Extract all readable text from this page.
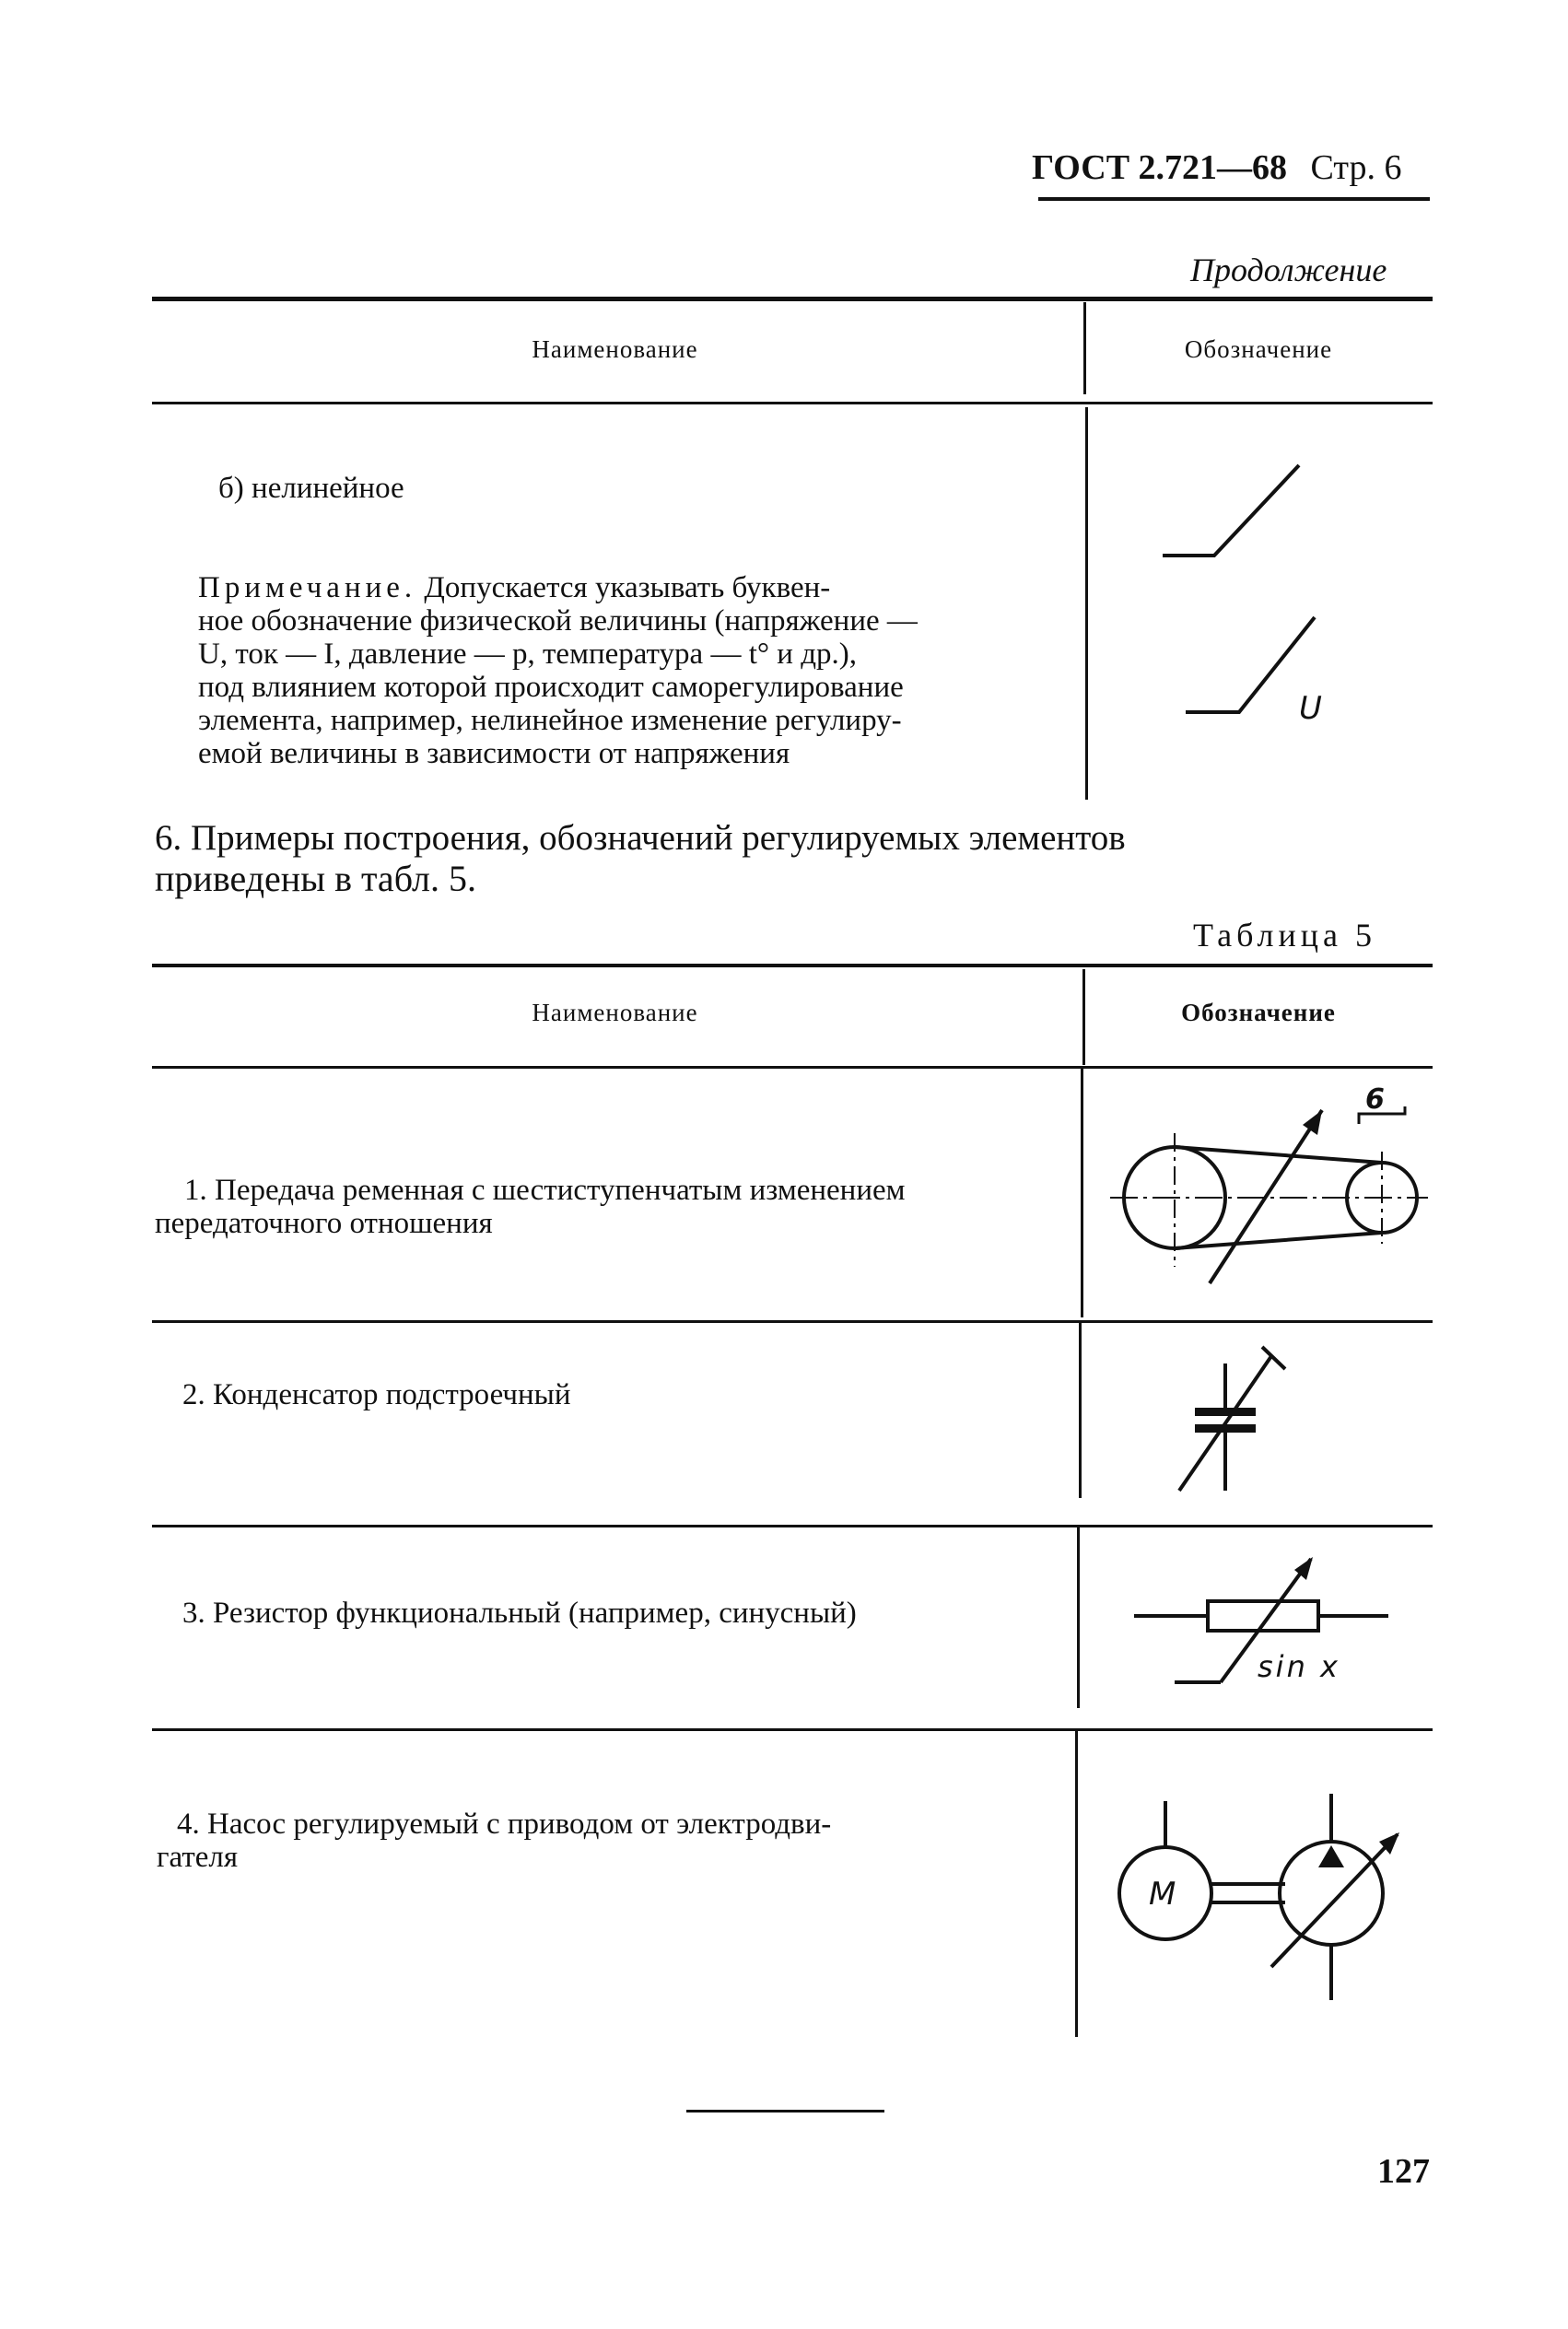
ГОСТ 2.721—68 Стр. 6
Продолжение
Наименование	Обозначение
б) нелинейное
Примечание. Допускается указывать буквен-
ное обозначение физической величины (напряжение —
U, ток — I, давление — p, температура — t° и др.),
под влиянием которой происходит саморегулирование
элемента, например, нелинейное изменение регулиру-
емой величины в зависимости от напряжения
U
6. Примеры построения, обозначений регулируемых элементов
приведены в табл. 5.
Таблица 5
Наименование	Обозначение
1. Передача ременная с шестиступенчатым изменением
передаточного отношения
6
2. Конденсатор подстроечный
3. Резистор функциональный (например, синусный)
sin x
4. Насос регулируемый с приводом от электродви-
гателя
M
127
